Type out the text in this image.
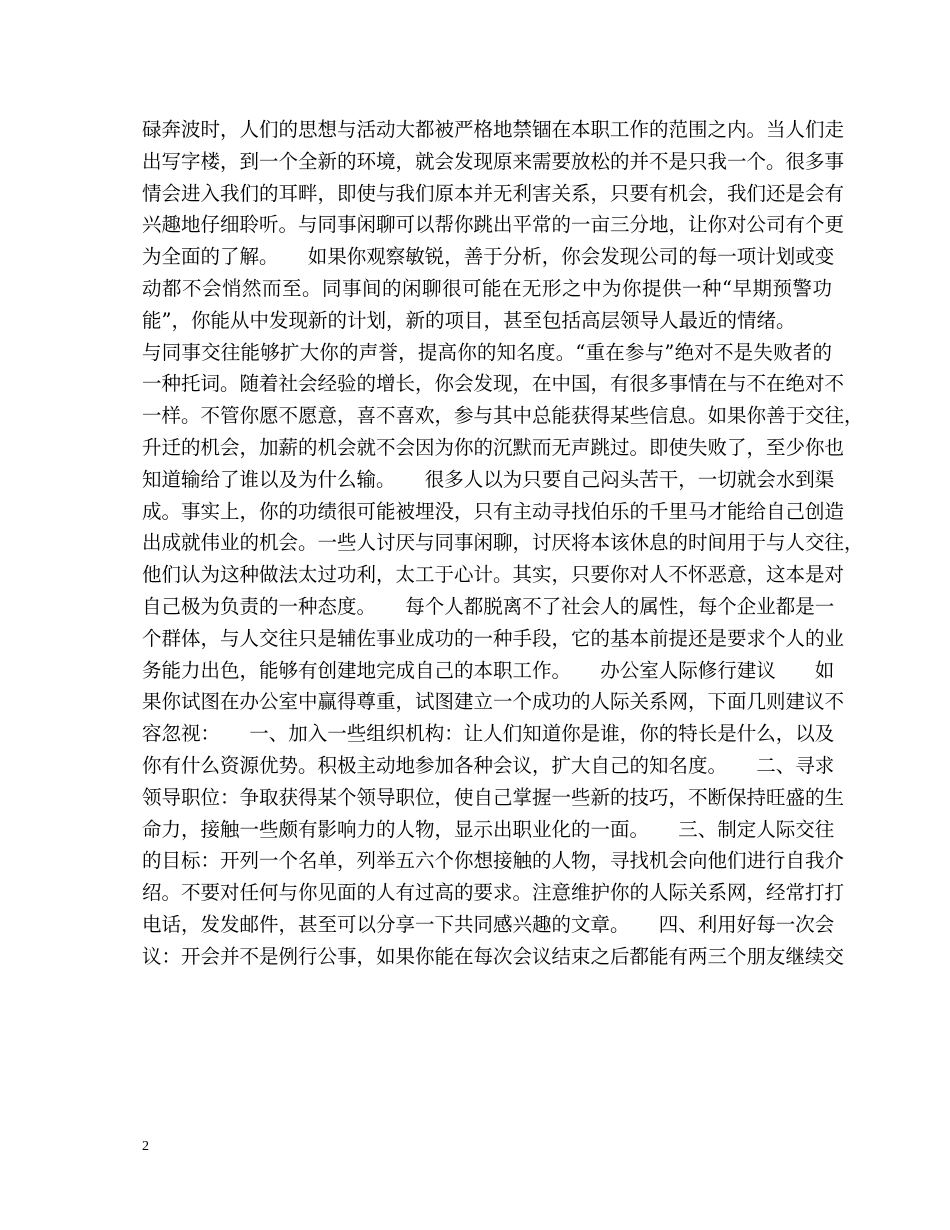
碌奔波时，人们的思想与活动大都被严格地禁锢在本职工作的范围之内。当人们走
出写字楼，到一个全新的环境，就会发现原来需要放松的并不是只我一个。很多事
情会进入我们的耳畔，即使与我们原本并无利害关系，只要有机会，我们还是会有
兴趣地仔细聆听。与同事闲聊可以帮你跳出平常的一亩三分地，让你对公司有个更
为全面的了解。　　如果你观察敏锐，善于分析，你会发现公司的每一项计划或变
动都不会悄然而至。同事间的闲聊很可能在无形之中为你提供一种“早期预警功
能”，你能从中发现新的计划，新的项目，甚至包括高层领导人最近的情绪。
与同事交往能够扩大你的声誉，提高你的知名度。“重在参与”绝对不是失败者的
一种托词。随着社会经验的增长，你会发现，在中国，有很多事情在与不在绝对不
一样。不管你愿不愿意，喜不喜欢，参与其中总能获得某些信息。如果你善于交往，
升迁的机会，加薪的机会就不会因为你的沉默而无声跳过。即使失败了，至少你也
知道输给了谁以及为什么输。　　很多人以为只要自己闷头苦干，一切就会水到渠
成。事实上，你的功绩很可能被埋没，只有主动寻找伯乐的千里马才能给自己创造
出成就伟业的机会。一些人讨厌与同事闲聊，讨厌将本该休息的时间用于与人交往，
他们认为这种做法太过功利，太工于心计。其实，只要你对人不怀恶意，这本是对
自己极为负责的一种态度。　　每个人都脱离不了社会人的属性，每个企业都是一
个群体，与人交往只是辅佐事业成功的一种手段，它的基本前提还是要求个人的业
务能力出色，能够有创建地完成自己的本职工作。　　办公室人际修行建议　　如
果你试图在办公室中赢得尊重，试图建立一个成功的人际关系网，下面几则建议不
容忽视：　　一、加入一些组织机构：让人们知道你是谁，你的特长是什么，以及
你有什么资源优势。积极主动地参加各种会议，扩大自己的知名度。　　二、寻求
领导职位：争取获得某个领导职位，使自己掌握一些新的技巧，不断保持旺盛的生
命力，接触一些颇有影响力的人物，显示出职业化的一面。　　三、制定人际交往
的目标：开列一个名单，列举五六个你想接触的人物，寻找机会向他们进行自我介
绍。不要对任何与你见面的人有过高的要求。注意维护你的人际关系网，经常打打
电话，发发邮件，甚至可以分享一下共同感兴趣的文章。　　四、利用好每一次会
议：开会并不是例行公事，如果你能在每次会议结束之后都能有两三个朋友继续交
2
